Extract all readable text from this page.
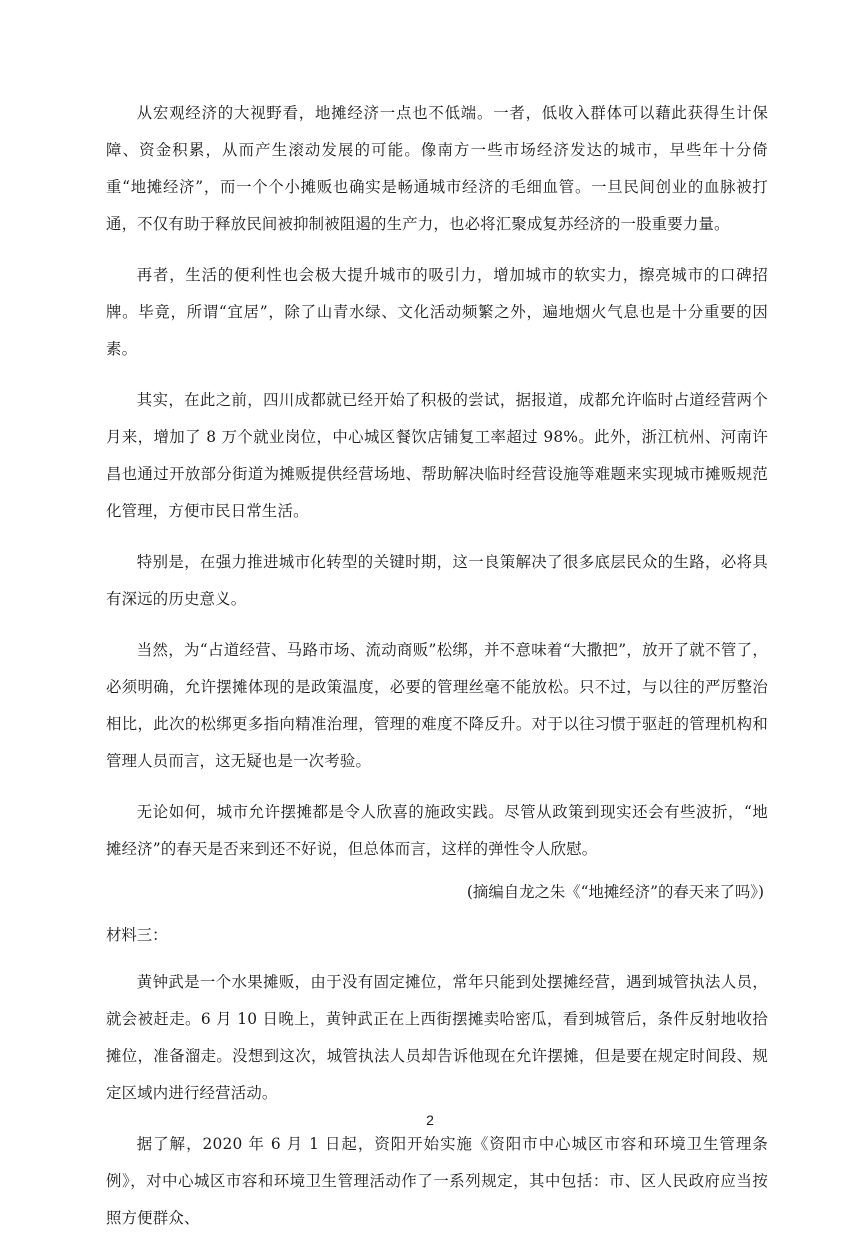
从宏观经济的大视野看，地摊经济一点也不低端。一者，低收入群体可以藉此获得生计保障、资金积累，从而产生滚动发展的可能。像南方一些市场经济发达的城市，早些年十分倚重“地摊经济”，而一个个小摊贩也确实是畅通城市经济的毛细血管。一旦民间创业的血脉被打通，不仅有助于释放民间被抑制被阻遏的生产力，也必将汇聚成复苏经济的一股重要力量。

再者，生活的便利性也会极大提升城市的吸引力，增加城市的软实力，擦亮城市的口碑招牌。毕竟，所谓“宜居”，除了山青水绿、文化活动频繁之外，遍地烟火气息也是十分重要的因素。

其实，在此之前，四川成都就已经开始了积极的尝试，据报道，成都允许临时占道经营两个月来，增加了 8 万个就业岗位，中心城区餐饮店铺复工率超过 98%。此外，浙江杭州、河南许昌也通过开放部分街道为摊贩提供经营场地、帮助解决临时经营设施等难题来实现城市摊贩规范化管理，方便市民日常生活。

特别是，在强力推进城市化转型的关键时期，这一良策解决了很多底层民众的生路，必将具有深远的历史意义。

当然，为“占道经营、马路市场、流动商贩”松绑，并不意味着“大撒把”，放开了就不管了，必须明确，允许摆摊体现的是政策温度，必要的管理丝毫不能放松。只不过，与以往的严厉整治相比，此次的松绑更多指向精准治理，管理的难度不降反升。对于以往习惯于驱赶的管理机构和管理人员而言，这无疑也是一次考验。

无论如何，城市允许摆摊都是令人欣喜的施政实践。尽管从政策到现实还会有些波折，“地摊经济”的春天是否来到还不好说，但总体而言，这样的弹性令人欣慰。

(摘编自龙之朱《“地摊经济”的春天来了吗》)
材料三：

黄钟武是一个水果摊贩，由于没有固定摊位，常年只能到处摆摊经营，遇到城管执法人员，就会被赶走。6 月 10 日晚上，黄钟武正在上西街摆摊卖哈密瓜，看到城管后，条件反射地收拾摊位，准备溜走。没想到这次，城管执法人员却告诉他现在允许摆摊，但是要在规定时间段、规定区域内进行经营活动。

据了解，2020 年 6 月 1 日起，资阳开始实施《资阳市中心城区市容和环境卫生管理条例》，对中心城区市容和环境卫生管理活动作了一系列规定，其中包括：市、区人民政府应当按照方便群众、

2
